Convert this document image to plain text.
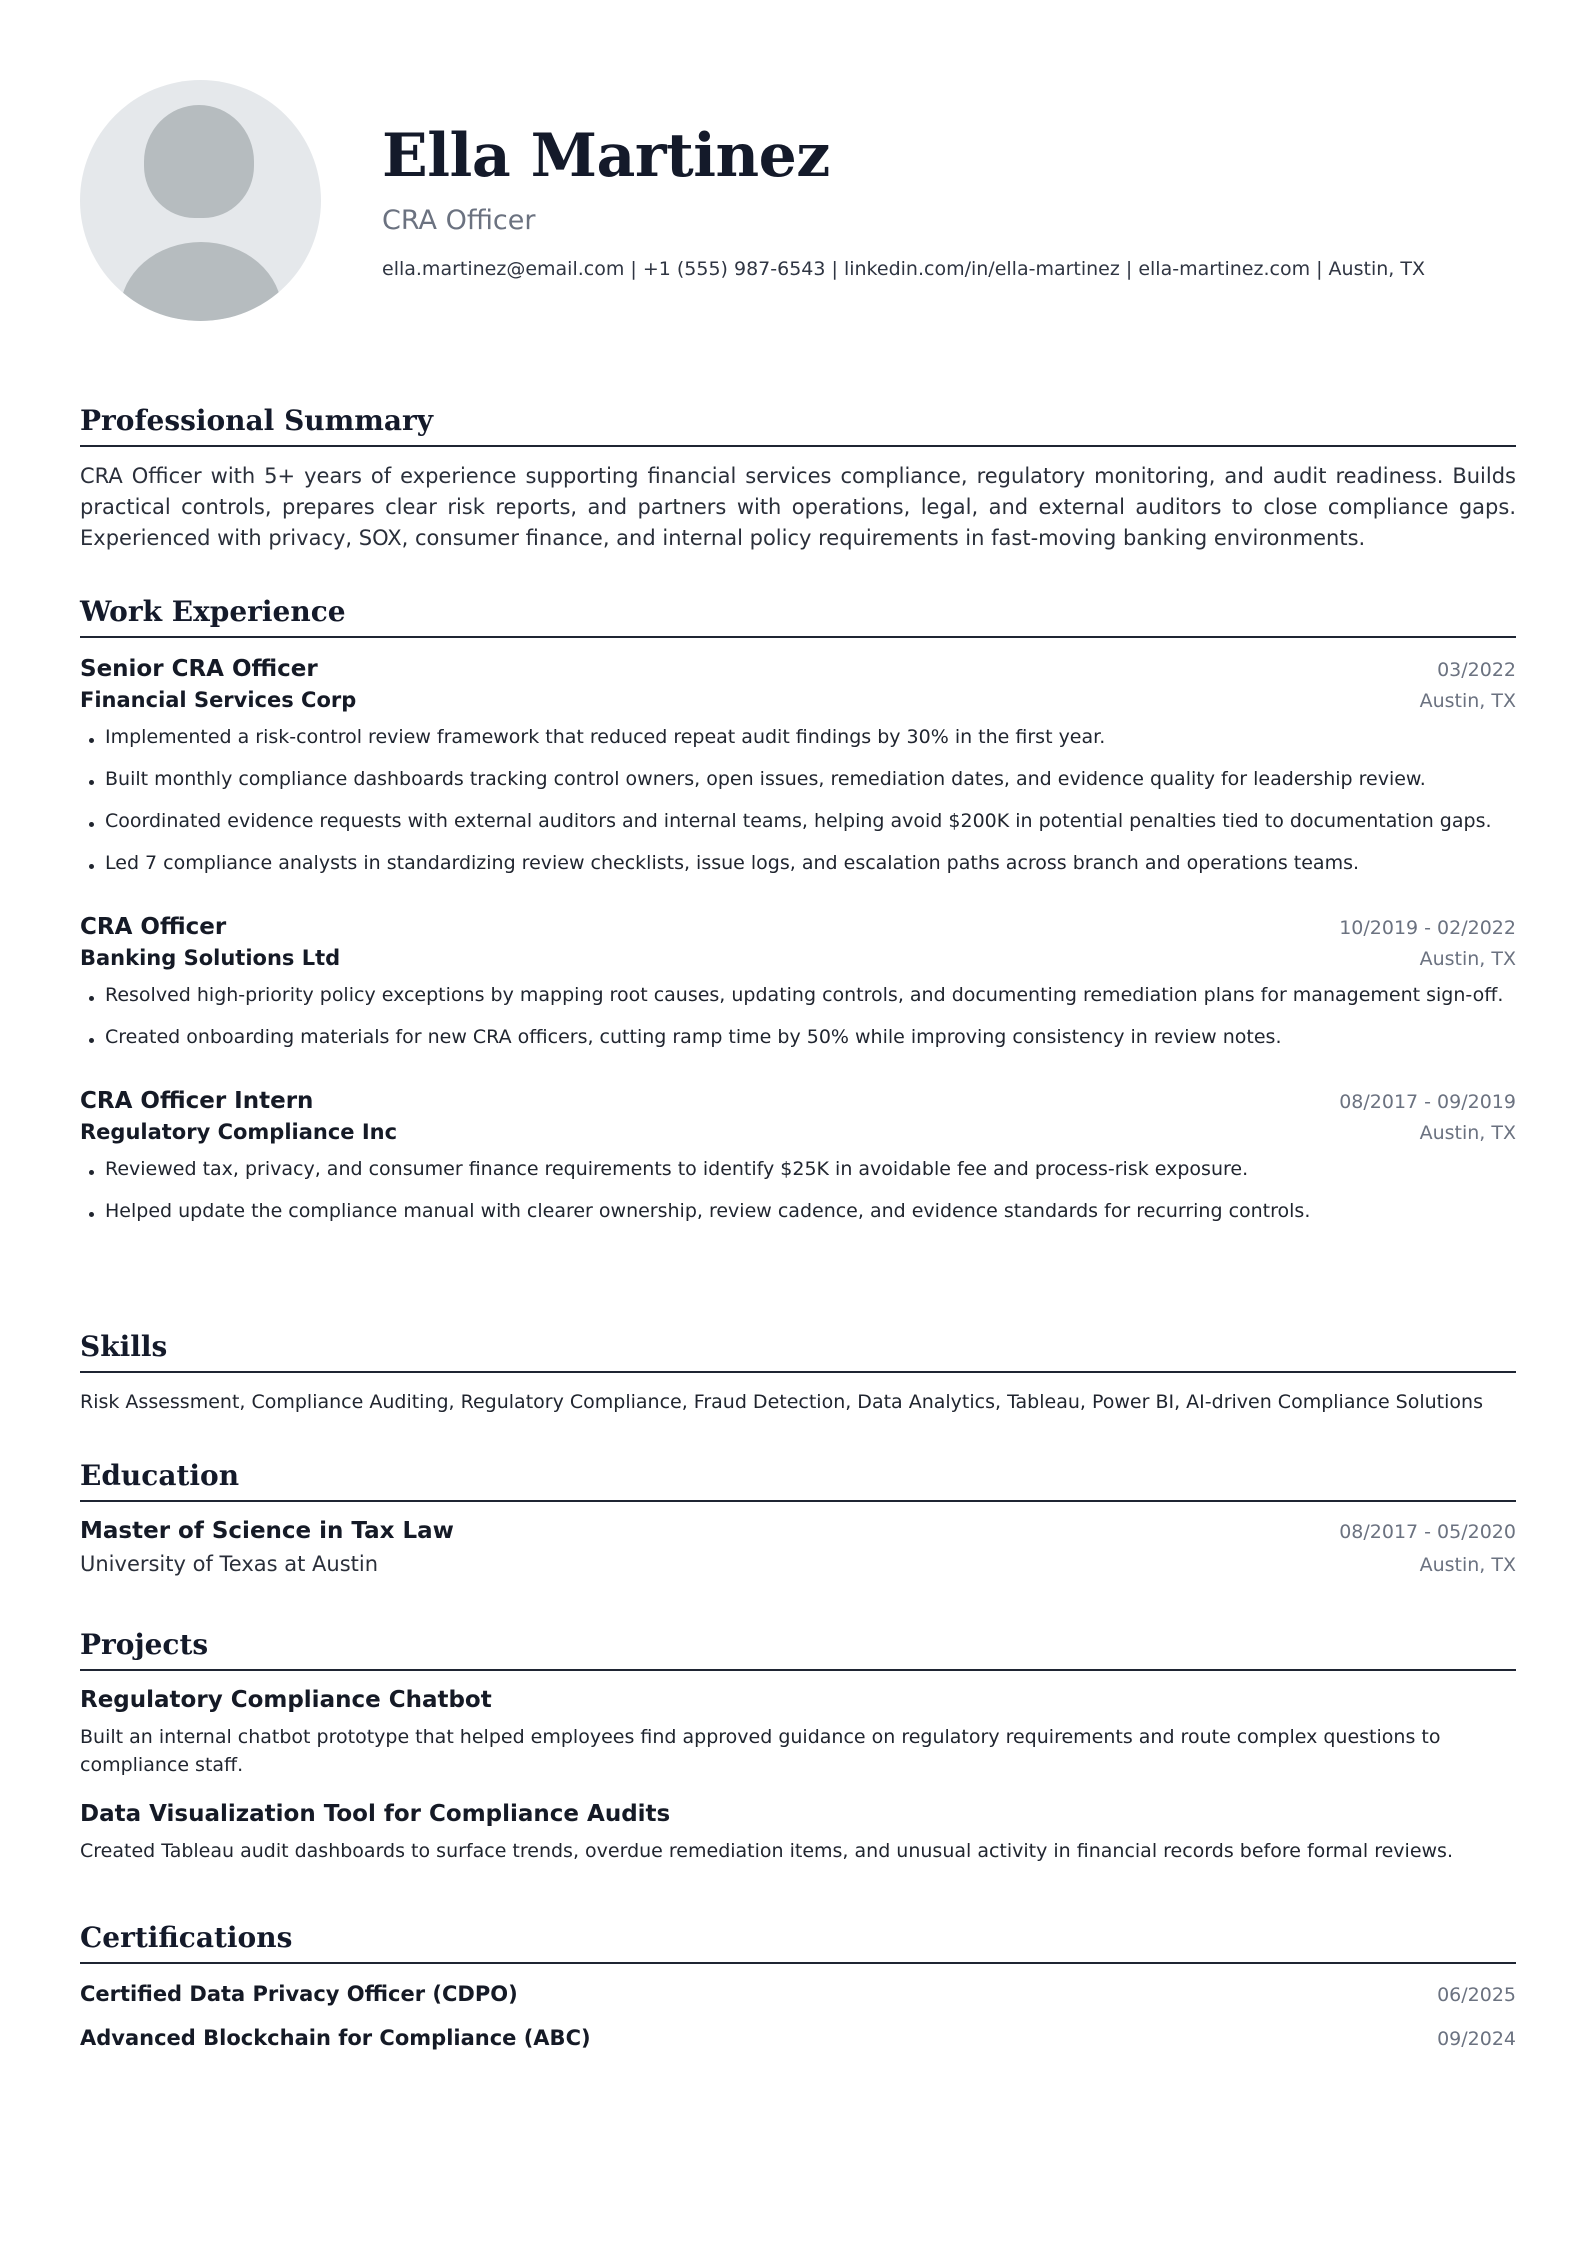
Ella Martinez
CRA Officer
ella.martinez@email.com | +1 (555) 987-6543 | linkedin.com/in/ella-martinez | ella-martinez.com | Austin, TX
Professional Summary
CRA Officer with 5+ years of experience supporting financial services compliance, regulatory monitoring, and audit readiness. Builds practical controls, prepares clear risk reports, and partners with operations, legal, and external auditors to close compliance gaps. Experienced with privacy, SOX, consumer finance, and internal policy requirements in fast-moving banking environments.
Work Experience
Senior CRA Officer	03/2022
Financial Services Corp	Austin, TX
Implemented a risk-control review framework that reduced repeat audit findings by 30% in the first year.
Built monthly compliance dashboards tracking control owners, open issues, remediation dates, and evidence quality for leadership review.
Coordinated evidence requests with external auditors and internal teams, helping avoid $200K in potential penalties tied to documentation gaps.
Led 7 compliance analysts in standardizing review checklists, issue logs, and escalation paths across branch and operations teams.
CRA Officer	10/2019 - 02/2022
Banking Solutions Ltd	Austin, TX
Resolved high-priority policy exceptions by mapping root causes, updating controls, and documenting remediation plans for management sign-off.
Created onboarding materials for new CRA officers, cutting ramp time by 50% while improving consistency in review notes.
CRA Officer Intern	08/2017 - 09/2019
Regulatory Compliance Inc	Austin, TX
Reviewed tax, privacy, and consumer finance requirements to identify $25K in avoidable fee and process-risk exposure.
Helped update the compliance manual with clearer ownership, review cadence, and evidence standards for recurring controls.
Skills
Risk Assessment, Compliance Auditing, Regulatory Compliance, Fraud Detection, Data Analytics, Tableau, Power BI, AI-driven Compliance Solutions
Education
Master of Science in Tax Law	08/2017 - 05/2020
University of Texas at Austin	Austin, TX
Projects
Regulatory Compliance Chatbot
Built an internal chatbot prototype that helped employees find approved guidance on regulatory requirements and route complex questions to compliance staff.
Data Visualization Tool for Compliance Audits
Created Tableau audit dashboards to surface trends, overdue remediation items, and unusual activity in financial records before formal reviews.
Certifications
Certified Data Privacy Officer (CDPO)	06/2025
Advanced Blockchain for Compliance (ABC)	09/2024
